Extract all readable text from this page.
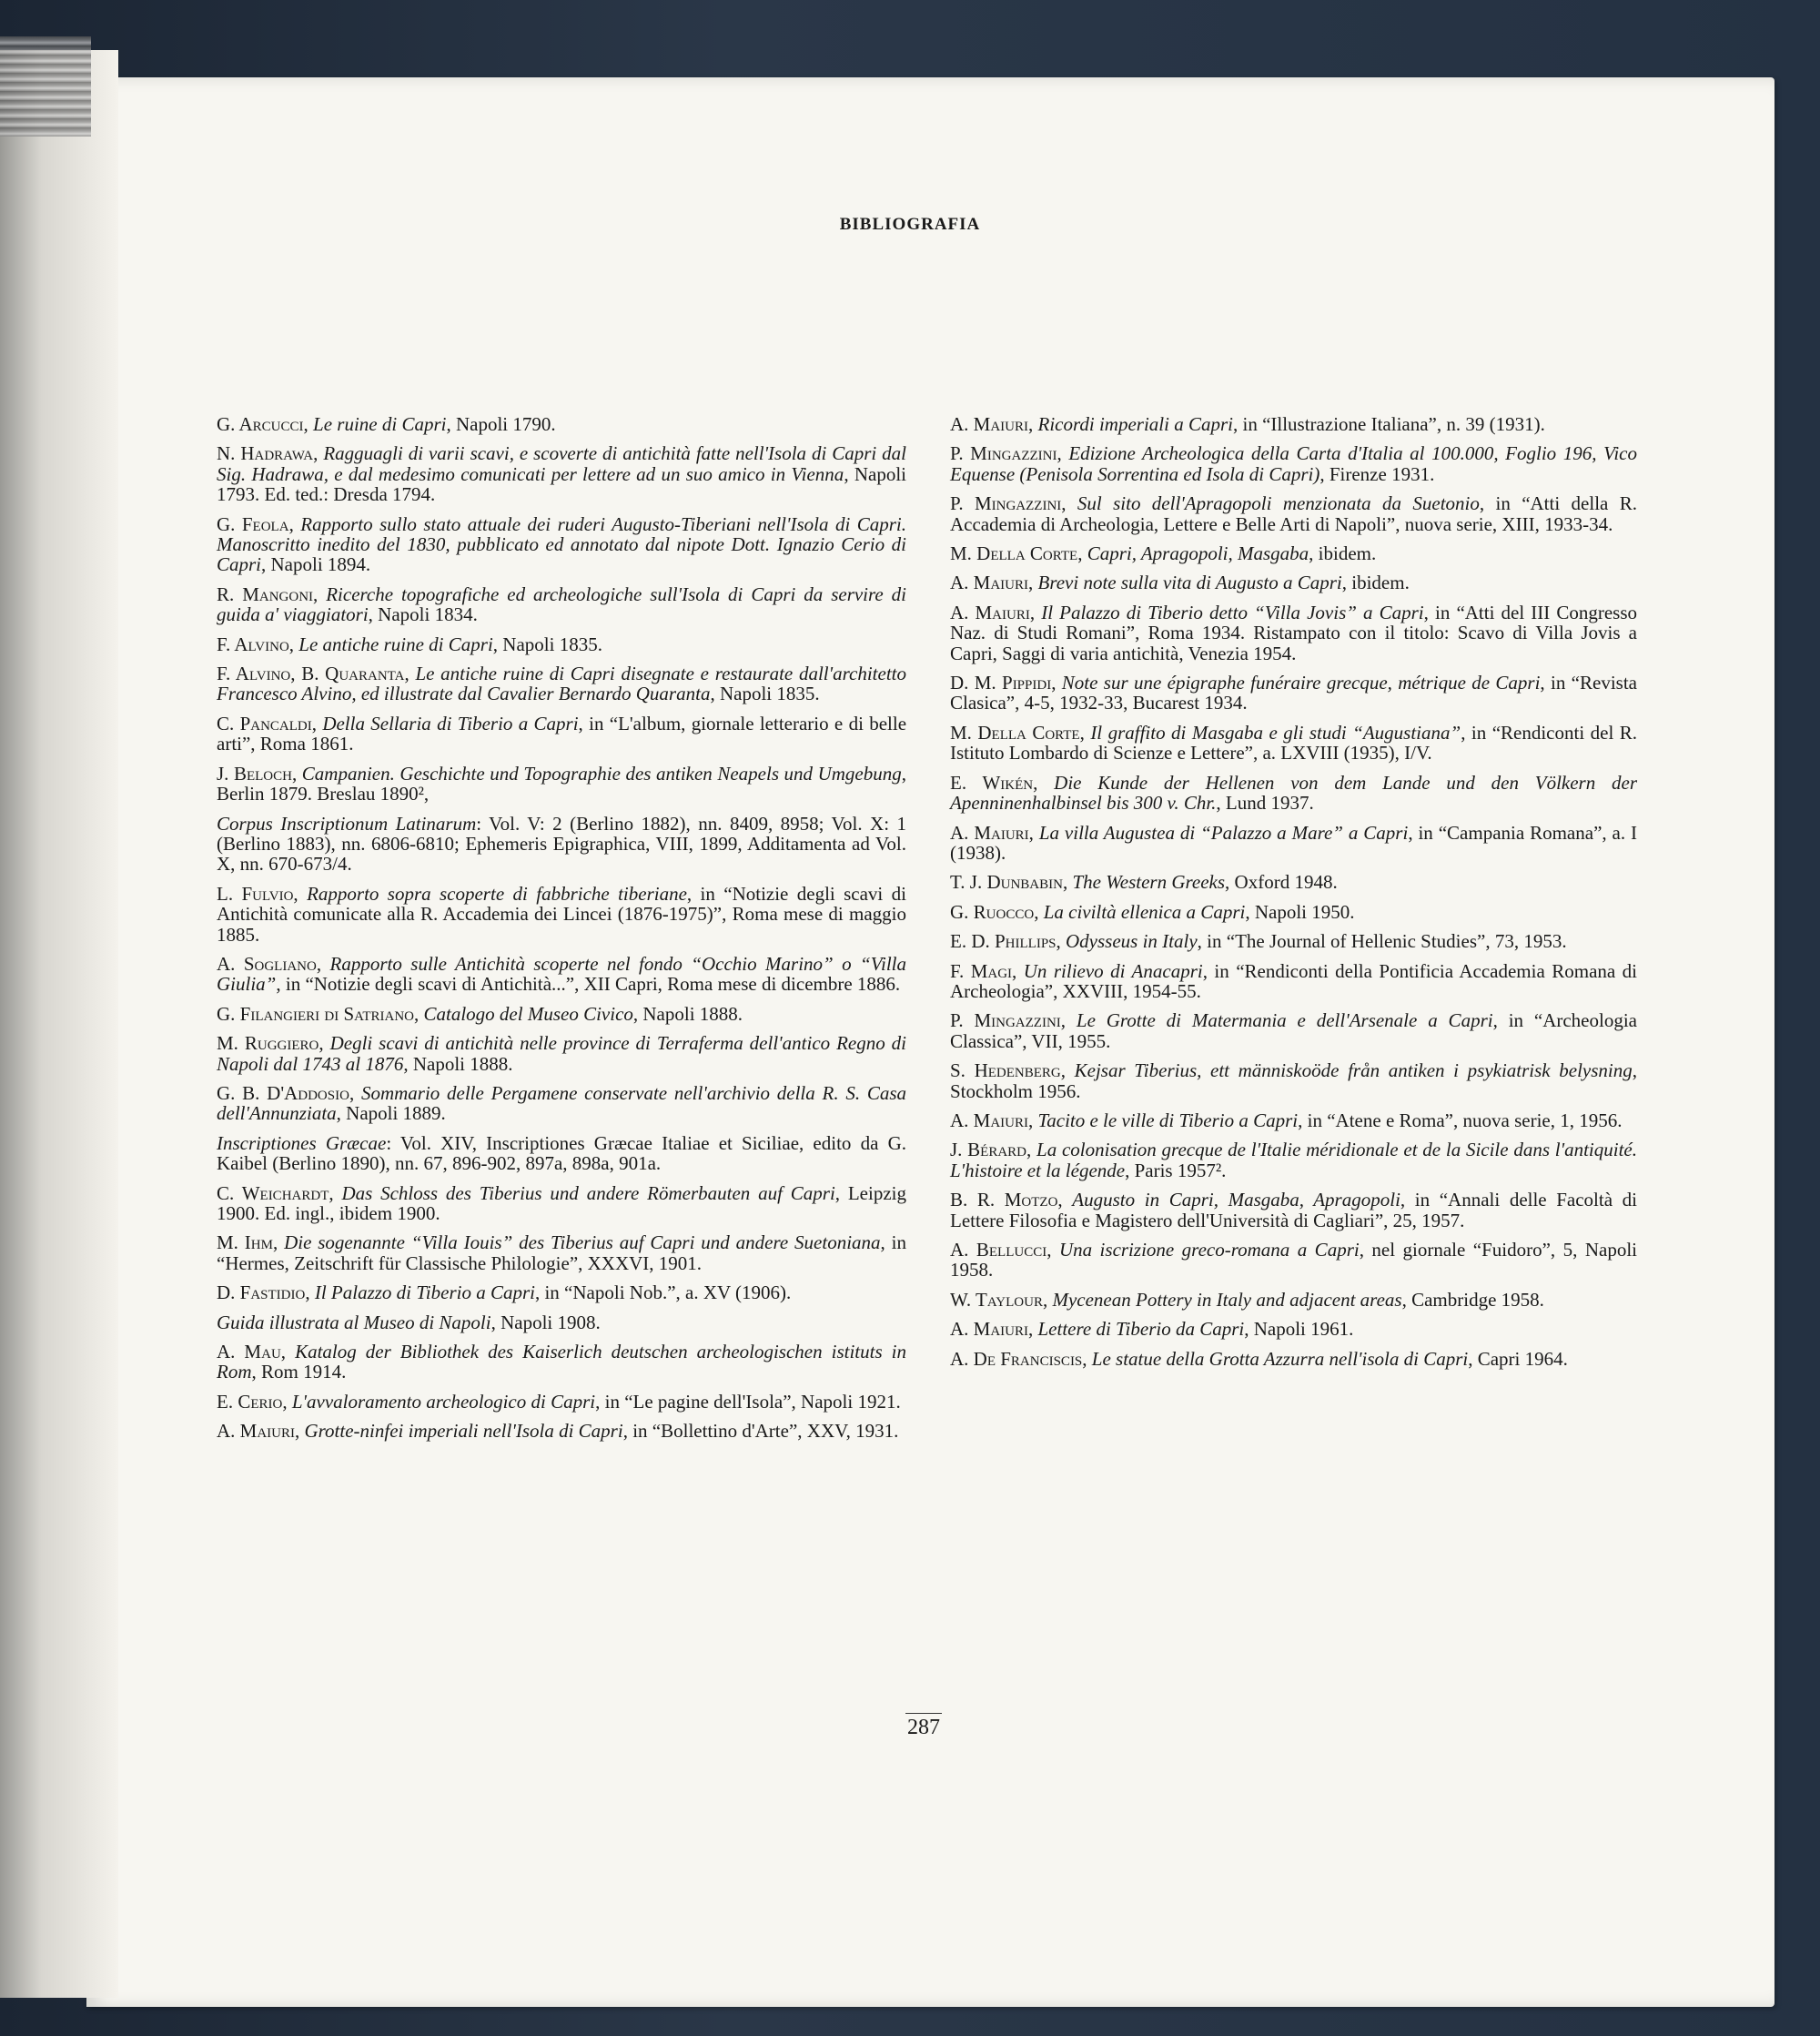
BIBLIOGRAFIA

G. Arcucci, Le ruine di Capri, Napoli 1790.

N. Hadrawa, Ragguagli di varii scavi, e scoverte di antichità fatte nell'Isola di Capri dal Sig. Hadrawa, e dal medesimo comunicati per lettere ad un suo amico in Vienna, Napoli 1793. Ed. ted.: Dresda 1794.

G. Feola, Rapporto sullo stato attuale dei ruderi Augusto-Tiberiani nell'Isola di Capri. Manoscritto inedito del 1830, pubblicato ed annotato dal nipote Dott. Ignazio Cerio di Capri, Napoli 1894.

R. Mangoni, Ricerche topografiche ed archeologiche sull'Isola di Capri da servire di guida a' viaggiatori, Napoli 1834.

F. Alvino, Le antiche ruine di Capri, Napoli 1835.

F. Alvino, B. Quaranta, Le antiche ruine di Capri disegnate e restaurate dall'architetto Francesco Alvino, ed illustrate dal Cavalier Bernardo Quaranta, Napoli 1835.

C. Pancaldi, Della Sellaria di Tiberio a Capri, in “L'album, giornale letterario e di belle arti”, Roma 1861.

J. Beloch, Campanien. Geschichte und Topographie des antiken Neapels und Umgebung, Berlin 1879. Breslau 1890²,

Corpus Inscriptionum Latinarum: Vol. V: 2 (Berlino 1882), nn. 8409, 8958; Vol. X: 1 (Berlino 1883), nn. 6806-6810; Ephemeris Epigraphica, VIII, 1899, Additamenta ad Vol. X, nn. 670-673/4.

L. Fulvio, Rapporto sopra scoperte di fabbriche tiberiane, in “Notizie degli scavi di Antichità comunicate alla R. Accademia dei Lincei (1876-1975)”, Roma mese di maggio 1885.

A. Sogliano, Rapporto sulle Antichità scoperte nel fondo “Occhio Marino” o “Villa Giulia”, in “Notizie degli scavi di Antichità...”, XII Capri, Roma mese di dicembre 1886.

G. Filangieri di Satriano, Catalogo del Museo Civico, Napoli 1888.

M. Ruggiero, Degli scavi di antichità nelle province di Terraferma dell'antico Regno di Napoli dal 1743 al 1876, Napoli 1888.

G. B. D'Addosio, Sommario delle Pergamene conservate nell'archivio della R. S. Casa dell'Annunziata, Napoli 1889.

Inscriptiones Græcae: Vol. XIV, Inscriptiones Græcae Italiae et Siciliae, edito da G. Kaibel (Berlino 1890), nn. 67, 896-902, 897a, 898a, 901a.

C. Weichardt, Das Schloss des Tiberius und andere Römerbauten auf Capri, Leipzig 1900. Ed. ingl., ibidem 1900.

M. Ihm, Die sogenannte “Villa Iouis” des Tiberius auf Capri und andere Suetoniana, in “Hermes, Zeitschrift für Classische Philologie”, XXXVI, 1901.

D. Fastidio, Il Palazzo di Tiberio a Capri, in “Napoli Nob.”, a. XV (1906).

Guida illustrata al Museo di Napoli, Napoli 1908.

A. Mau, Katalog der Bibliothek des Kaiserlich deutschen archeologischen istituts in Rom, Rom 1914.

E. Cerio, L'avvaloramento archeologico di Capri, in “Le pagine dell'Isola”, Napoli 1921.

A. Maiuri, Grotte-ninfei imperiali nell'Isola di Capri, in “Bollettino d'Arte”, XXV, 1931.

A. Maiuri, Ricordi imperiali a Capri, in “Illustrazione Italiana”, n. 39 (1931).

P. Mingazzini, Edizione Archeologica della Carta d'Italia al 100.000, Foglio 196, Vico Equense (Penisola Sorrentina ed Isola di Capri), Firenze 1931.

P. Mingazzini, Sul sito dell'Apragopoli menzionata da Suetonio, in “Atti della R. Accademia di Archeologia, Lettere e Belle Arti di Napoli”, nuova serie, XIII, 1933-34.

M. Della Corte, Capri, Apragopoli, Masgaba, ibidem.

A. Maiuri, Brevi note sulla vita di Augusto a Capri, ibidem.

A. Maiuri, Il Palazzo di Tiberio detto “Villa Jovis” a Capri, in “Atti del III Congresso Naz. di Studi Romani”, Roma 1934. Ristampato con il titolo: Scavo di Villa Jovis a Capri, Saggi di varia antichità, Venezia 1954.

D. M. Pippidi, Note sur une épigraphe funéraire grecque, métrique de Capri, in “Revista Clasica”, 4-5, 1932-33, Bucarest 1934.

M. Della Corte, Il graffito di Masgaba e gli studi “Augustiana”, in “Rendiconti del R. Istituto Lombardo di Scienze e Lettere”, a. LXVIII (1935), I/V.

E. Wikén, Die Kunde der Hellenen von dem Lande und den Völkern der Apenninenhalbinsel bis 300 v. Chr., Lund 1937.

A. Maiuri, La villa Augustea di “Palazzo a Mare” a Capri, in “Campania Romana”, a. I (1938).

T. J. Dunbabin, The Western Greeks, Oxford 1948.

G. Ruocco, La civiltà ellenica a Capri, Napoli 1950.

E. D. Phillips, Odysseus in Italy, in “The Journal of Hellenic Studies”, 73, 1953.

F. Magi, Un rilievo di Anacapri, in “Rendiconti della Pontificia Accademia Romana di Archeologia”, XXVIII, 1954-55.

P. Mingazzini, Le Grotte di Matermania e dell'Arsenale a Capri, in “Archeologia Classica”, VII, 1955.

S. Hedenberg, Kejsar Tiberius, ett människoöde från antiken i psykiatrisk belysning, Stockholm 1956.

A. Maiuri, Tacito e le ville di Tiberio a Capri, in “Atene e Roma”, nuova serie, 1, 1956.

J. Bérard, La colonisation grecque de l'Italie méridionale et de la Sicile dans l'antiquité. L'histoire et la légende, Paris 1957².

B. R. Motzo, Augusto in Capri, Masgaba, Apragopoli, in “Annali delle Facoltà di Lettere Filosofia e Magistero dell'Università di Cagliari”, 25, 1957.

A. Bellucci, Una iscrizione greco-romana a Capri, nel giornale “Fuidoro”, 5, Napoli 1958.

W. Taylour, Mycenean Pottery in Italy and adjacent areas, Cambridge 1958.

A. Maiuri, Lettere di Tiberio da Capri, Napoli 1961.

A. De Franciscis, Le statue della Grotta Azzurra nell'isola di Capri, Capri 1964.

287
